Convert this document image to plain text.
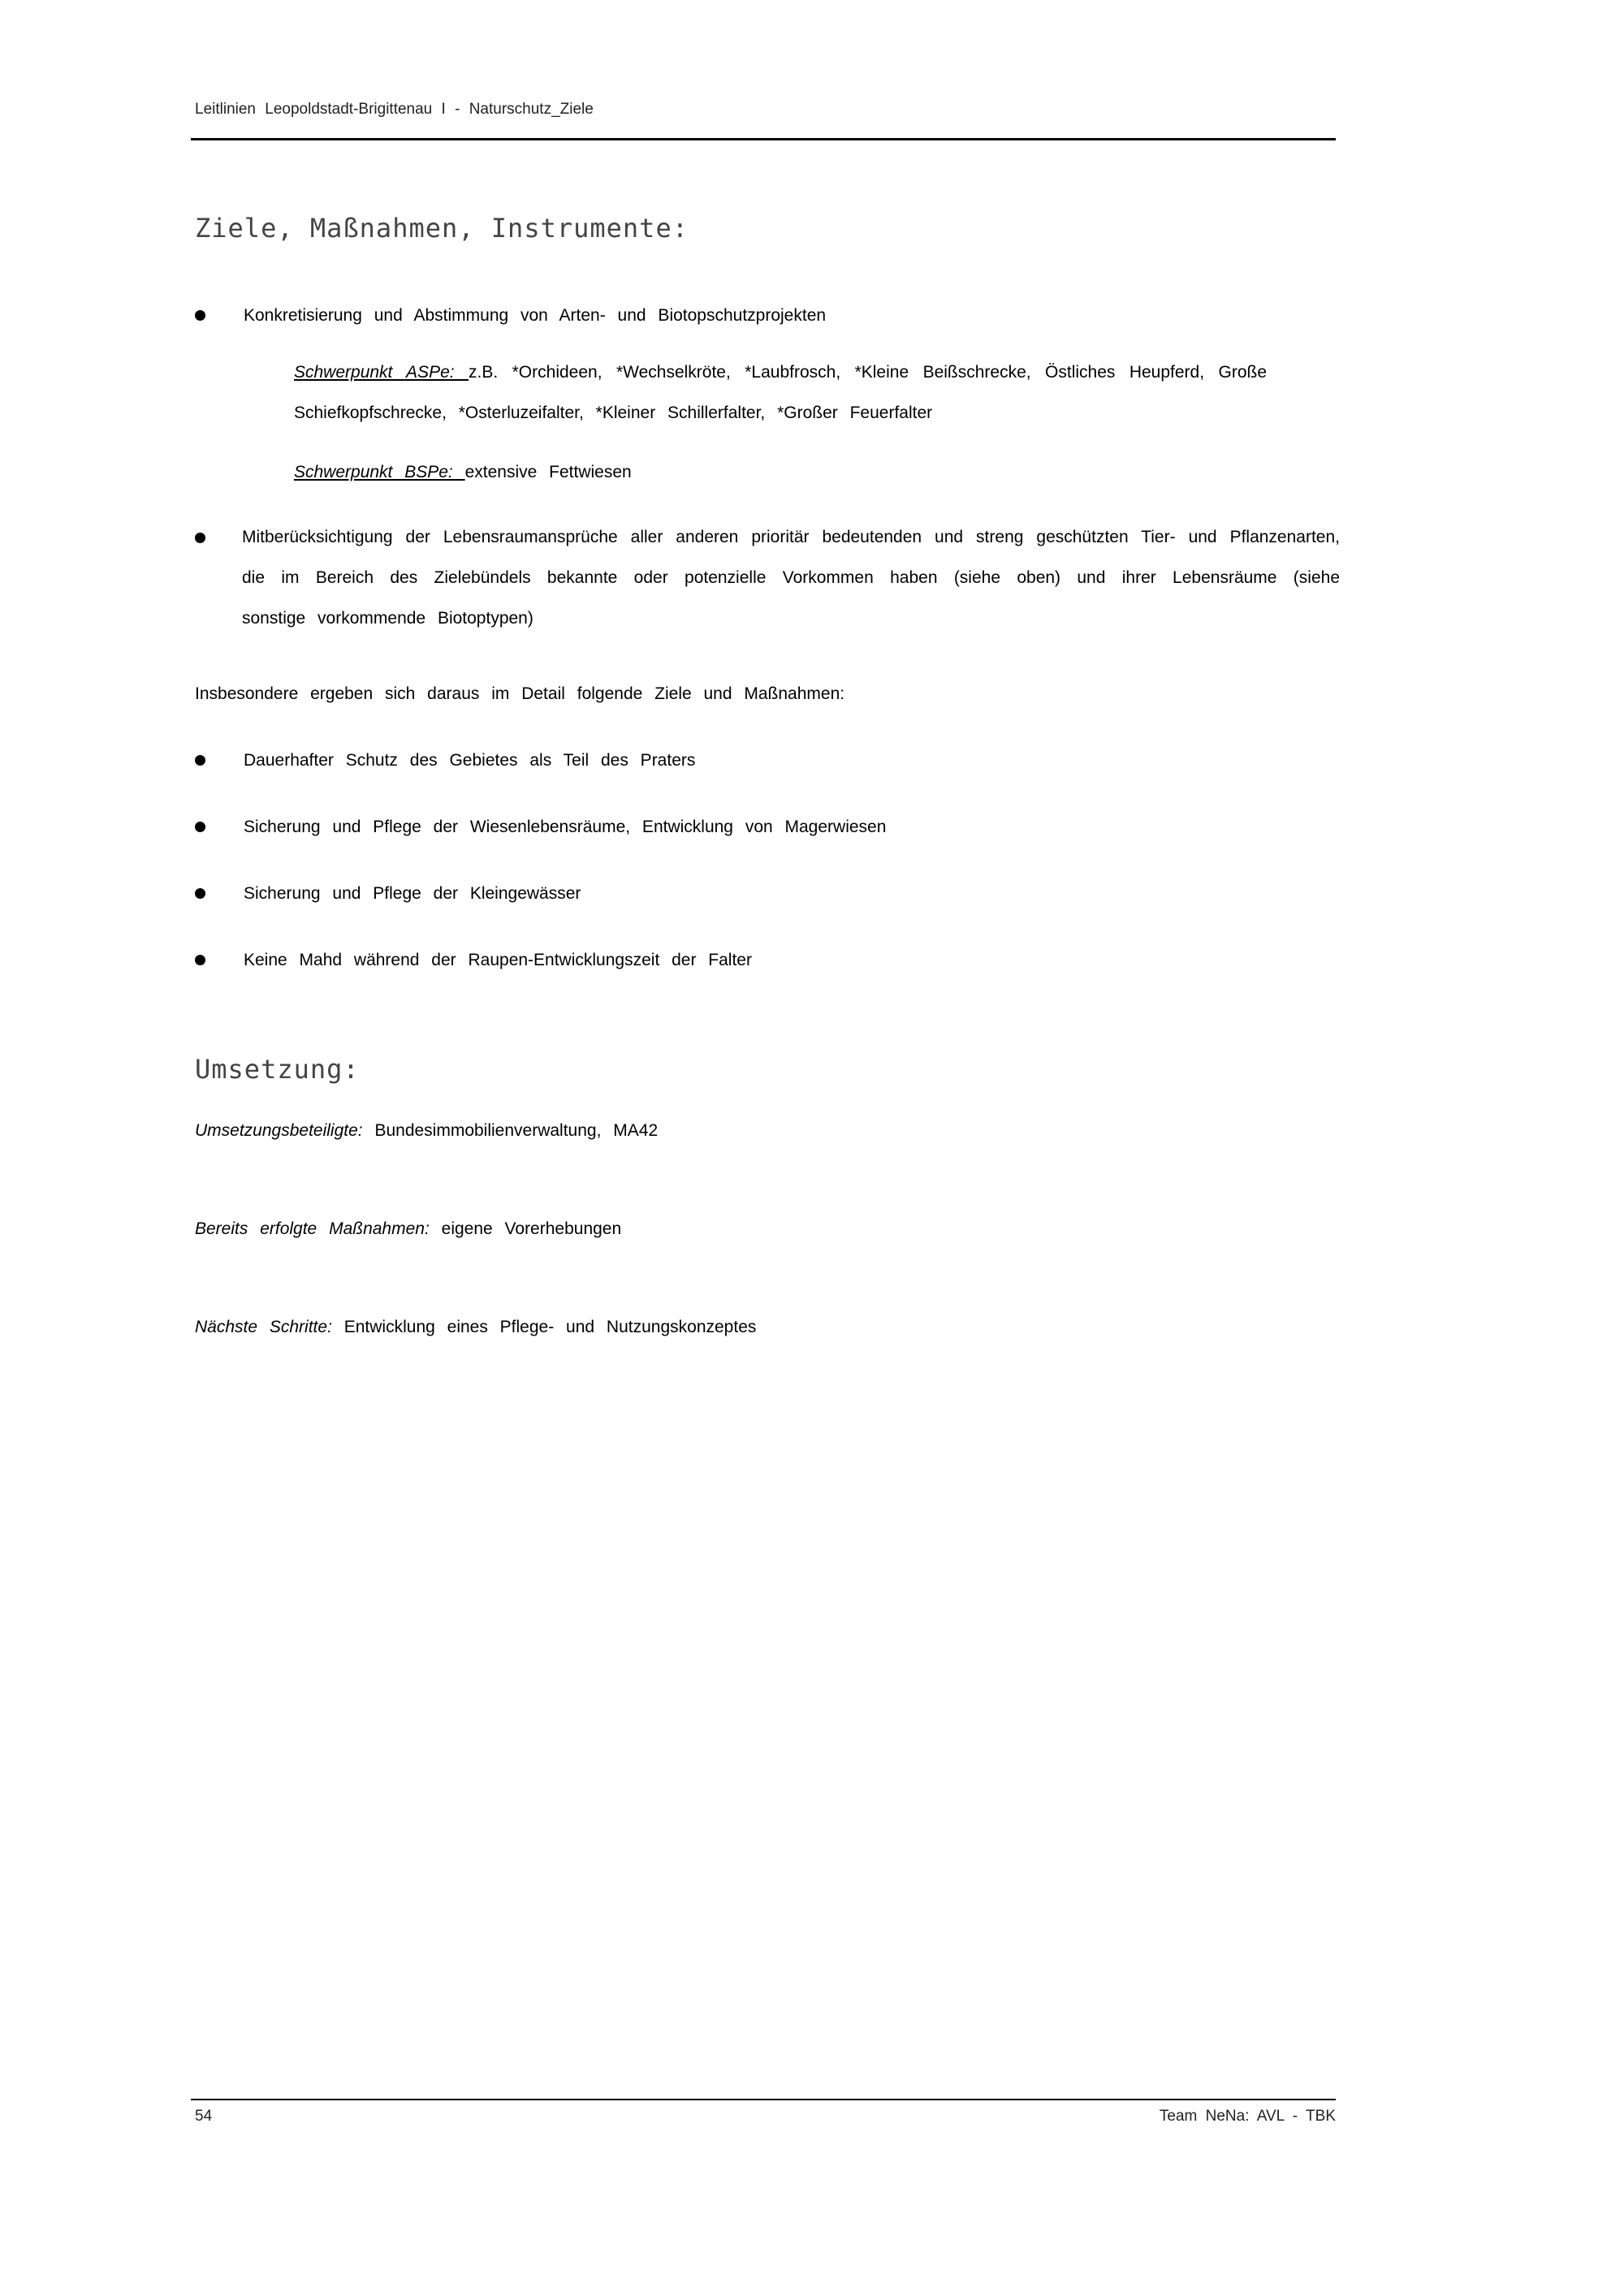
Leitlinien Leopoldstadt-Brigittenau I - Naturschutz_Ziele
Ziele, Maßnahmen, Instrumente:
Konkretisierung und Abstimmung von Arten- und Biotopschutzprojekten
Schwerpunkt ASPe: z.B. *Orchideen, *Wechselkröte, *Laubfrosch, *Kleine Beißschrecke, Östliches Heupferd, Große Schiefkopfschrecke, *Osterluzeifalter, *Kleiner Schillerfalter, *Großer Feuerfalter
Schwerpunkt BSPe: extensive Fettwiesen
Mitberücksichtigung der Lebensraumansprüche aller anderen prioritär bedeutenden und streng geschützten Tier- und Pflanzenarten, die im Bereich des Zielebündels bekannte oder potenzielle Vorkommen haben (siehe oben) und ihrer Lebensräume (siehe sonstige vorkommende Biotoptypen)
Insbesondere ergeben sich daraus im Detail folgende Ziele und Maßnahmen:
Dauerhafter Schutz des Gebietes als Teil des Praters
Sicherung und Pflege der Wiesenlebensräume, Entwicklung von Magerwiesen
Sicherung und Pflege der Kleingewässer
Keine Mahd während der Raupen-Entwicklungszeit der Falter
Umsetzung:
Umsetzungsbeteiligte: Bundesimmobilienverwaltung, MA42
Bereits erfolgte Maßnahmen: eigene Vorerhebungen
Nächste Schritte: Entwicklung eines Pflege- und Nutzungskonzeptes
54	Team NeNa: AVL - TBK
